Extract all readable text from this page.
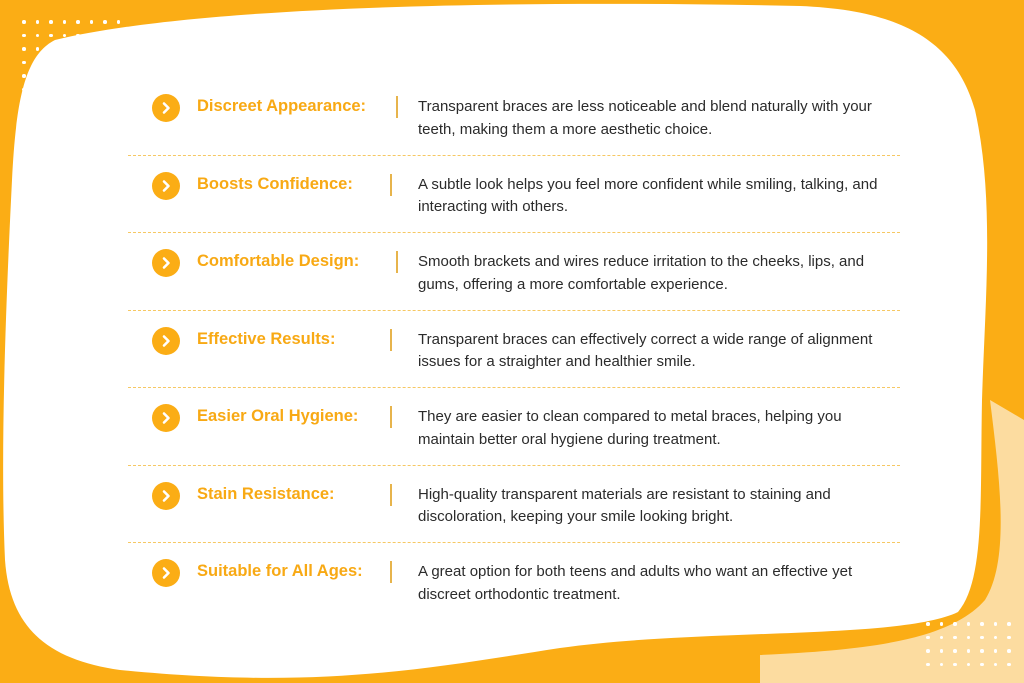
Discreet Appearance:	Transparent braces are less noticeable and blend naturally with your teeth, making them a more aesthetic choice.
Boosts Confidence:	A subtle look helps you feel more confident while smiling, talking, and interacting with others.
Comfortable Design:	Smooth brackets and wires reduce irritation to the cheeks, lips, and gums, offering a more comfortable experience.
Effective Results:	Transparent braces can effectively correct a wide range of alignment issues for a straighter and healthier smile.
Easier Oral Hygiene:	They are easier to clean compared to metal braces, helping you maintain better oral hygiene during treatment.
Stain Resistance:	High-quality transparent materials are resistant to staining and discoloration, keeping your smile looking bright.
Suitable for All Ages:	A great option for both teens and adults who want an effective yet discreet orthodontic treatment.
